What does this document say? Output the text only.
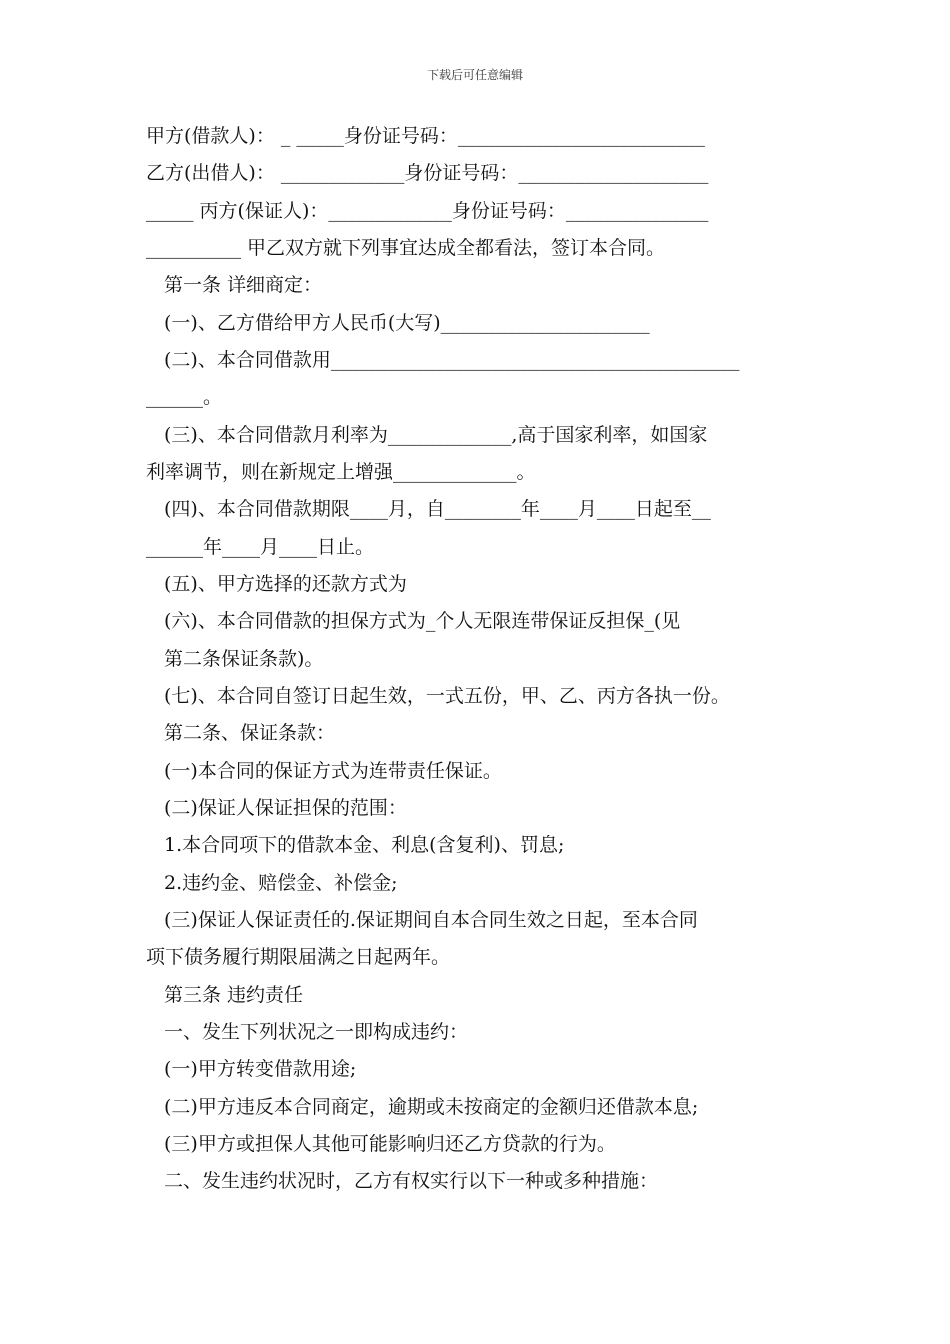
下载后可任意编辑
甲方(借款人)： _ _____身份证号码：__________________________
乙方(出借人)： _____________身份证号码：____________________
_____ 丙方(保证人)：_____________身份证号码：_______________
__________ 甲乙双方就下列事宜达成全都看法，签订本合同。
第一条 详细商定：
(一)、乙方借给甲方人民币(大写)______________________
(二)、本合同借款用___________________________________________
______。
(三)、本合同借款月利率为_____________,高于国家利率，如国家
利率调节，则在新规定上增强_____________。
(四)、本合同借款期限____月，自________年____月____日起至__
______年____月____日止。
(五)、甲方选择的还款方式为
(六)、本合同借款的担保方式为_个人无限连带保证反担保_(见
第二条保证条款)。
(七)、本合同自签订日起生效，一式五份，甲、乙、丙方各执一份。
第二条、保证条款：
(一)本合同的保证方式为连带责任保证。
(二)保证人保证担保的范围：
1.本合同项下的借款本金、利息(含复利)、罚息;
2.违约金、赔偿金、补偿金;
(三)保证人保证责任的.保证期间自本合同生效之日起，至本合同
项下债务履行期限届满之日起两年。
第三条 违约责任
一、发生下列状况之一即构成违约：
(一)甲方转变借款用途;
(二)甲方违反本合同商定，逾期或未按商定的金额归还借款本息;
(三)甲方或担保人其他可能影响归还乙方贷款的行为。
二、发生违约状况时，乙方有权实行以下一种或多种措施：
